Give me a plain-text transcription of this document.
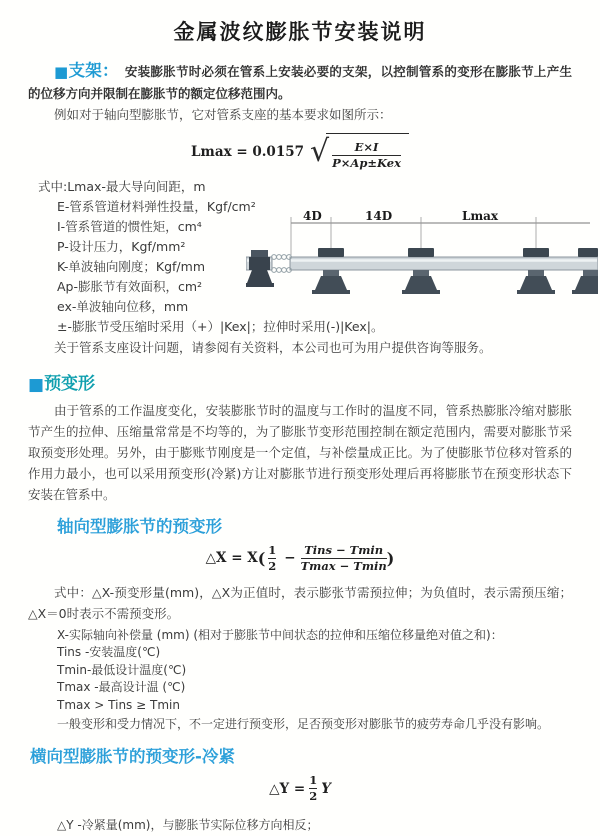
金属波纹膨胀节安装说明

■支架： 安装膨胀节时必须在管系上安装必要的支架，以控制管系的变形在膨胀节上产生的位移方向并限制在膨胀节的额定位移范围内。

例如对于轴向型膨胀节，它对管系支座的基本要求如图所示：

Lmax = 0.0157 √ $\frac{E\times I}{\text{P×Ap±Kex}}$
式中:Lmax-最大导向间距，m
E-管系管道材料弹性投量，Kgf/cm²
I-管系管道的惯性矩，cm⁴
P-设计压力，Kgf/mm²
K-单波轴向刚度；Kgf/mm
Ap-膨胀节有效面积，cm²
ex-单波轴向位移，mm
±-膨胀节受压缩时采用（+）|Kex|；拉伸时采用(-)|Kex|。
4D	14D	Lmax

关于管系支座设计问题，请参阅有关资料，本公司也可为用户提供咨询等服务。

■预变形

由于管系的工作温度变化，安装膨胀节时的温度与工作时的温度不同，管系热膨胀冷缩对膨胀节产生的拉伸、压缩量常常是不均等的，为了膨胀节变形范围控制在额定范围内，需要对膨胀节采取预变形处理。另外，由于膨账节刚度是一个定值，与补偿量成正比。为了使膨胀节位移对管系的作用力最小，也可以采用预变形(冷紧)方让对膨胀节进行预变形处理后再将膨胀节在预变形状态下安装在管系中。

轴向型膨胀节的预变形
△X = X ( $\frac{1}{2} - \frac{\text{Tins − Tmin}}{Tmax - Tmin}$ )

式中：△X-预变形量(mm)，△X为正值时，表示膨张节需预拉伸；为负值时，表示需预压缩；△X＝0时表示不需预变形。

X-实际轴向补偿量 (mm) (相对于膨胀节中间状态的拉伸和压缩位移量绝对值之和)：
Tins -安装温度(℃)
Tmin-最低设计温度(℃)
Tmax -最高设计温 (℃)
Tmax > Tins ≥ Tmin
一般变形和受力情况下，不一定进行预变形，足否预变形对膨胀节的疲劳寿命几乎没有影响。
横向型膨胀节的预变形-冷紧
△Y = $\frac{1}{2}$ Y
△Y -冷紧量(mm)，与膨胀节实际位移方向相反；
